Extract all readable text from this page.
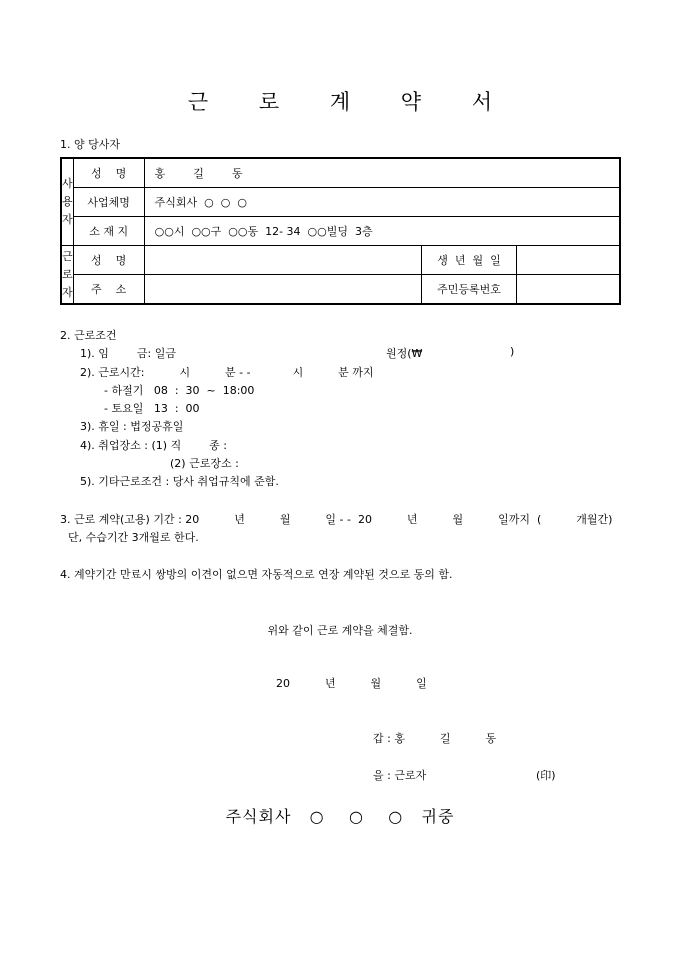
근 로 계 약 서
1. 양 당사자
사
용
자	성    명	홍        길        동		
	사업체명	주식회사  ○  ○  ○		
	소 재 지	○○시  ○○구  ○○동  12- 34  ○○빌딩  3층		

근
로
자	성    명		생  년  월  일	
	주    소		주민등록번호	
2. 근로조건
1). 임        금: 일금	원정(₩	)
2). 근로시간:          시          분 - -            시          분 까지
- 하절기   08  :  30  ~  18:00
- 토요일   13  :  00
3). 휴일 : 법정공휴일
4). 취업장소 : (1) 직        종 :
(2) 근로장소 :
5). 기타근로조건 : 당사 취업규칙에 준함.
3. 근로 계약(고용) 기간 : 20          년          월          일 - -  20          년          월          일까지  (          개월간)
단, 수습기간 3개월로 한다.
4. 계약기간 만료시 쌍방의 이견이 없으면 자동적으로 연장 계약된 것으로 동의 함.
위와 같이 근로 계약을 체결함.
20          년          월          일
갑 : 홍          길          동
을 : 근로자	(印)
주식회사   ○    ○    ○   귀중
